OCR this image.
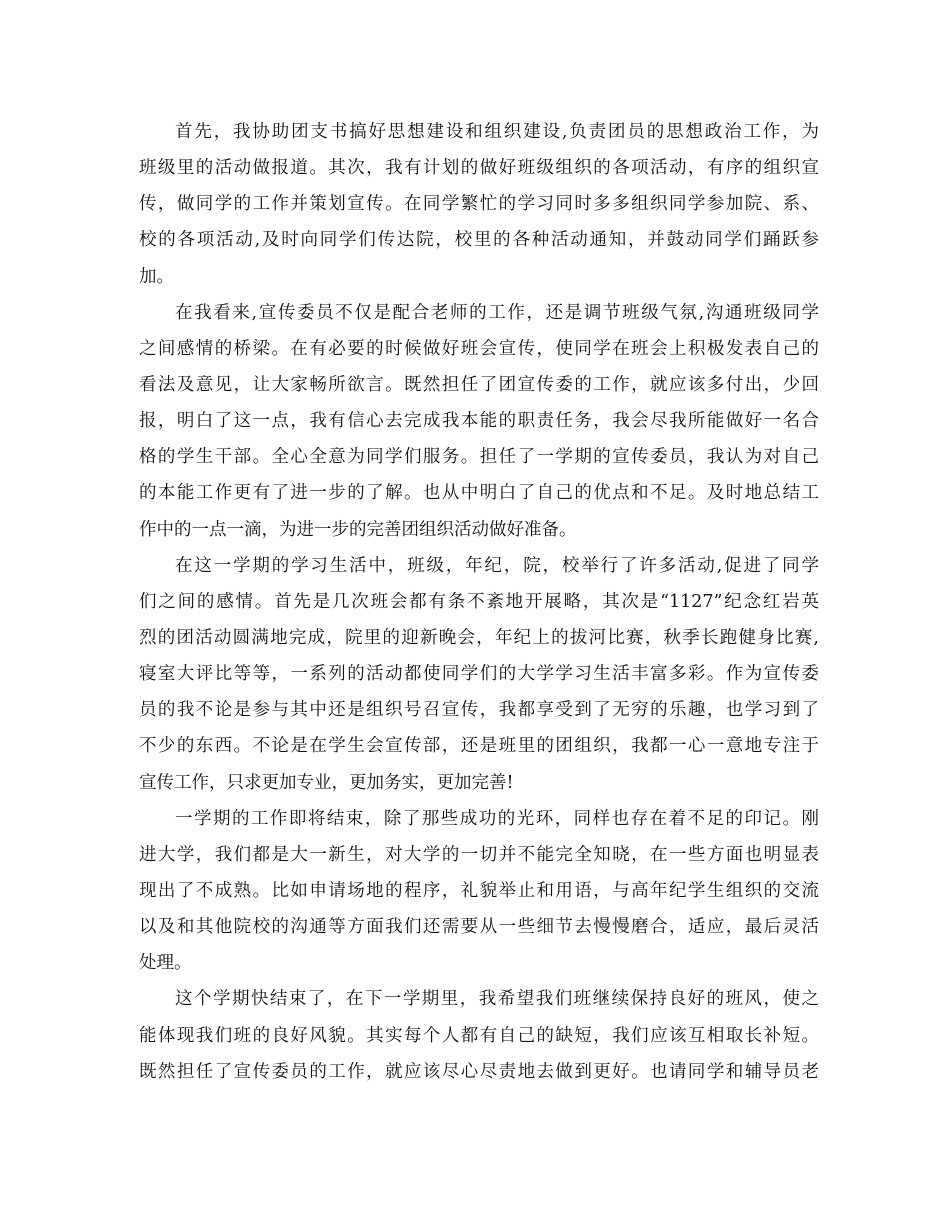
首先，我协助团支书搞好思想建设和组织建设,负责团员的思想政治工作，为
班级里的活动做报道。其次，我有计划的做好班级组织的各项活动，有序的组织宣
传，做同学的工作并策划宣传。在同学繁忙的学习同时多多组织同学参加院、系、
校的各项活动,及时向同学们传达院，校里的各种活动通知，并鼓动同学们踊跃参
加。
在我看来,宣传委员不仅是配合老师的工作，还是调节班级气氛,沟通班级同学
之间感情的桥梁。在有必要的时候做好班会宣传，使同学在班会上积极发表自己的
看法及意见，让大家畅所欲言。既然担任了团宣传委的工作，就应该多付出，少回
报，明白了这一点，我有信心去完成我本能的职责任务，我会尽我所能做好一名合
格的学生干部。全心全意为同学们服务。担任了一学期的宣传委员，我认为对自己
的本能工作更有了进一步的了解。也从中明白了自己的优点和不足。及时地总结工
作中的一点一滴，为进一步的完善团组织活动做好准备。
在这一学期的学习生活中，班级，年纪，院，校举行了许多活动,促进了同学
们之间的感情。首先是几次班会都有条不紊地开展略，其次是“1127”纪念红岩英
烈的团活动圆满地完成，院里的迎新晚会，年纪上的拔河比赛，秋季长跑健身比赛,
寝室大评比等等，一系列的活动都使同学们的大学学习生活丰富多彩。作为宣传委
员的我不论是参与其中还是组织号召宣传，我都享受到了无穷的乐趣，也学习到了
不少的东西。不论是在学生会宣传部，还是班里的团组织，我都一心一意地专注于
宣传工作，只求更加专业，更加务实，更加完善!
一学期的工作即将结束，除了那些成功的光环，同样也存在着不足的印记。刚
进大学，我们都是大一新生，对大学的一切并不能完全知晓，在一些方面也明显表
现出了不成熟。比如申请场地的程序，礼貌举止和用语，与高年纪学生组织的交流
以及和其他院校的沟通等方面我们还需要从一些细节去慢慢磨合，适应，最后灵活
处理。
这个学期快结束了，在下一学期里，我希望我们班继续保持良好的班风，使之
能体现我们班的良好风貌。其实每个人都有自己的缺短，我们应该互相取长补短。
既然担任了宣传委员的工作，就应该尽心尽责地去做到更好。也请同学和辅导员老
